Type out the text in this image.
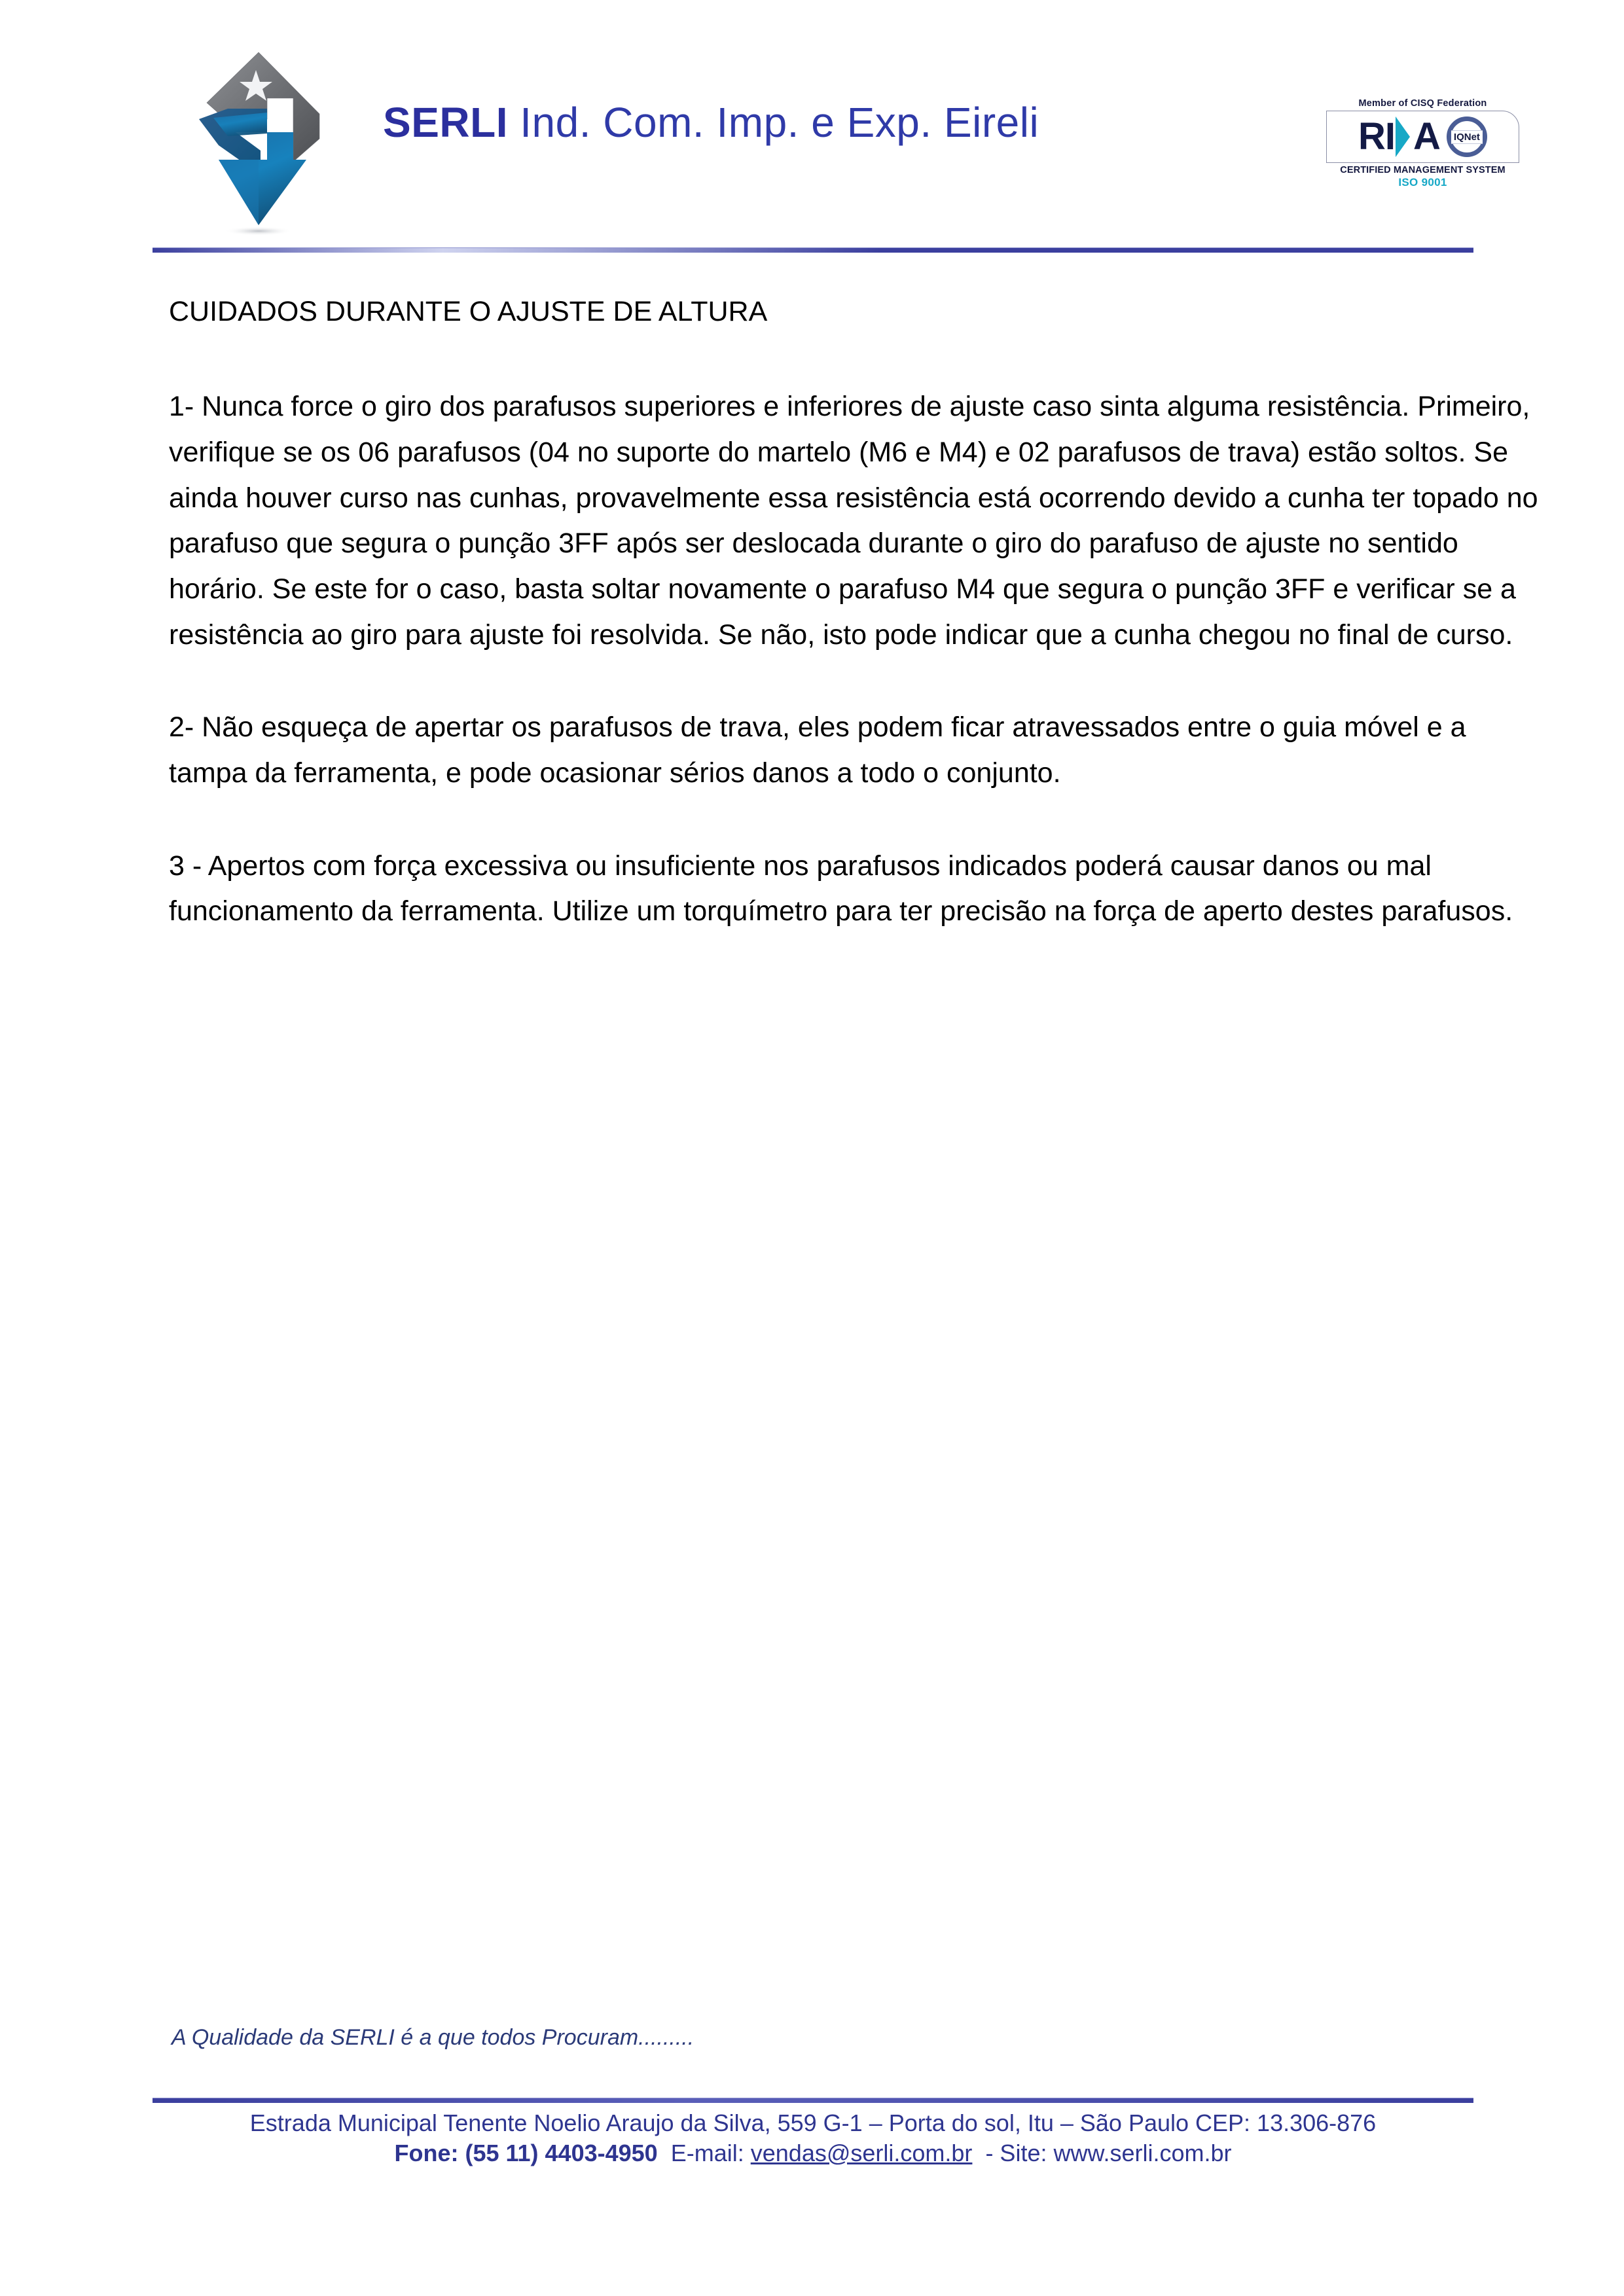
SERLI Ind. Com. Imp. e Exp. Eireli	Member of CISQ Federation
RI A IQNet
CERTIFIED MANAGEMENT SYSTEM
ISO 9001
CUIDADOS DURANTE O AJUSTE DE ALTURA

1- Nunca force o giro dos parafusos superiores e inferiores de ajuste caso sinta alguma resistência. Primeiro, verifique se os 06 parafusos (04 no suporte do martelo (M6 e M4) e 02 parafusos de trava) estão soltos. Se ainda houver curso nas cunhas, provavelmente essa resistência está ocorrendo devido a cunha ter topado no parafuso que segura o punção 3FF após ser deslocada durante o giro do parafuso de ajuste no sentido horário. Se este for o caso, basta soltar novamente o parafuso M4 que segura o punção 3FF e verificar se a resistência ao giro para ajuste foi resolvida. Se não, isto pode indicar que a cunha chegou no final de curso.

2- Não esqueça de apertar os parafusos de trava, eles podem ficar atravessados entre o guia móvel e a tampa da ferramenta, e pode ocasionar sérios danos a todo o conjunto.

3 - Apertos com força excessiva ou insuficiente nos parafusos indicados poderá causar danos ou mal funcionamento da ferramenta. Utilize um torquímetro para ter precisão na força de aperto destes parafusos.

A Qualidade da SERLI é a que todos Procuram.........
Estrada Municipal Tenente Noelio Araujo da Silva, 559 G-1 – Porta do sol, Itu – São Paulo CEP: 13.306-876
Fone: (55 11) 4403-4950 E-mail: vendas@serli.com.br - Site: www.serli.com.br
